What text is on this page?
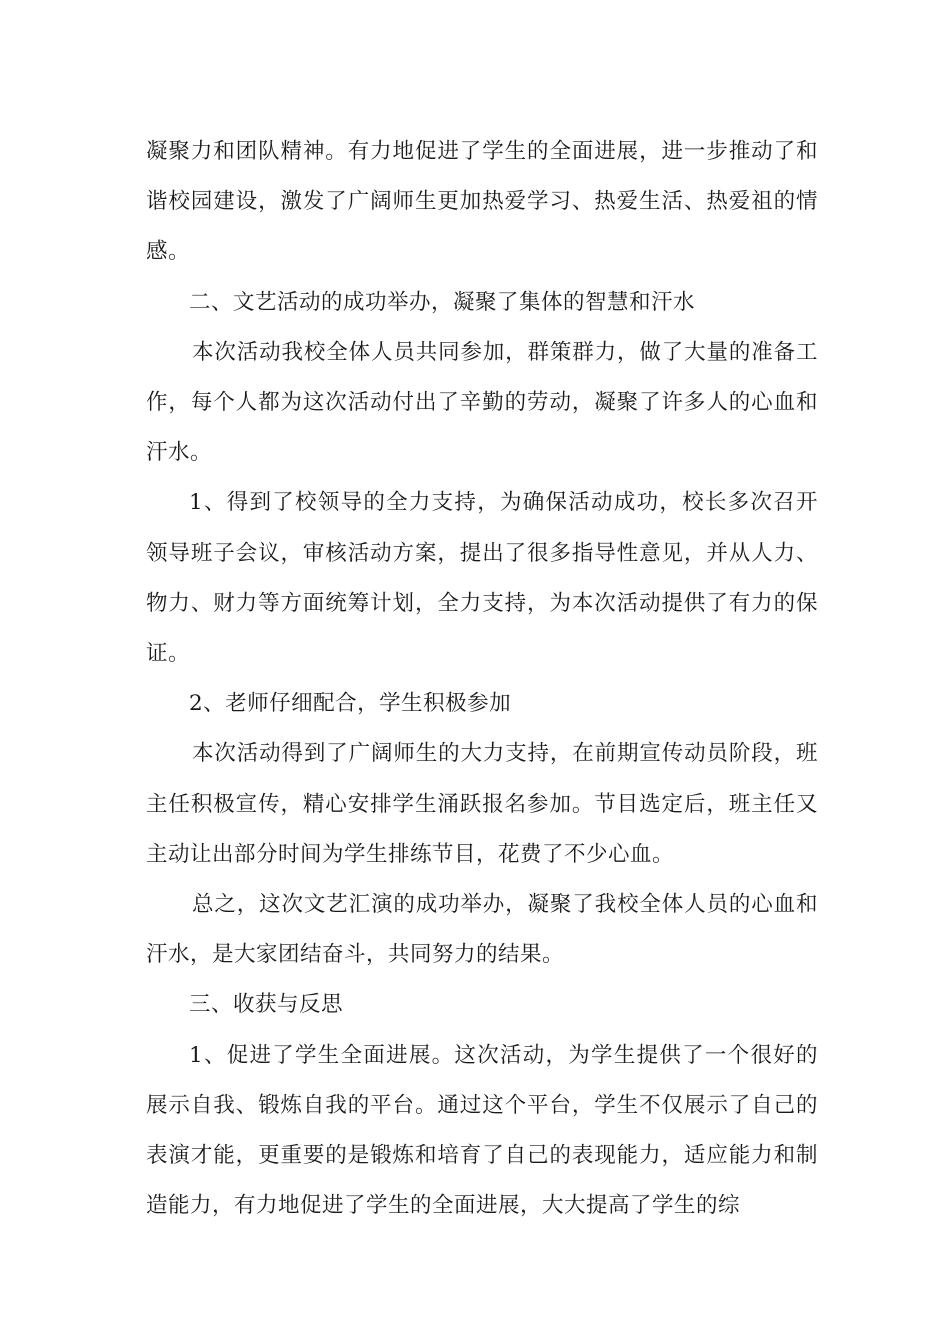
凝聚力和团队精神。有力地促进了学生的全面进展，进一步推动了和谐校园建设，激发了广阔师生更加热爱学习、热爱生活、热爱祖的情感。

二、文艺活动的成功举办，凝聚了集体的智慧和汗水

本次活动我校全体人员共同参加，群策群力，做了大量的准备工作，每个人都为这次活动付出了辛勤的劳动，凝聚了许多人的心血和汗水。

1、得到了校领导的全力支持，为确保活动成功，校长多次召开领导班子会议，审核活动方案，提出了很多指导性意见，并从人力、物力、财力等方面统筹计划，全力支持，为本次活动提供了有力的保证。

2、老师仔细配合，学生积极参加

本次活动得到了广阔师生的大力支持，在前期宣传动员阶段，班主任积极宣传，精心安排学生涌跃报名参加。节目选定后，班主任又主动让出部分时间为学生排练节目，花费了不少心血。

总之，这次文艺汇演的成功举办，凝聚了我校全体人员的心血和汗水，是大家团结奋斗，共同努力的结果。

三、收获与反思

1、促进了学生全面进展。这次活动，为学生提供了一个很好的展示自我、锻炼自我的平台。通过这个平台，学生不仅展示了自己的表演才能，更重要的是锻炼和培育了自己的表现能力，适应能力和制造能力，有力地促进了学生的全面进展，大大提高了学生的综
